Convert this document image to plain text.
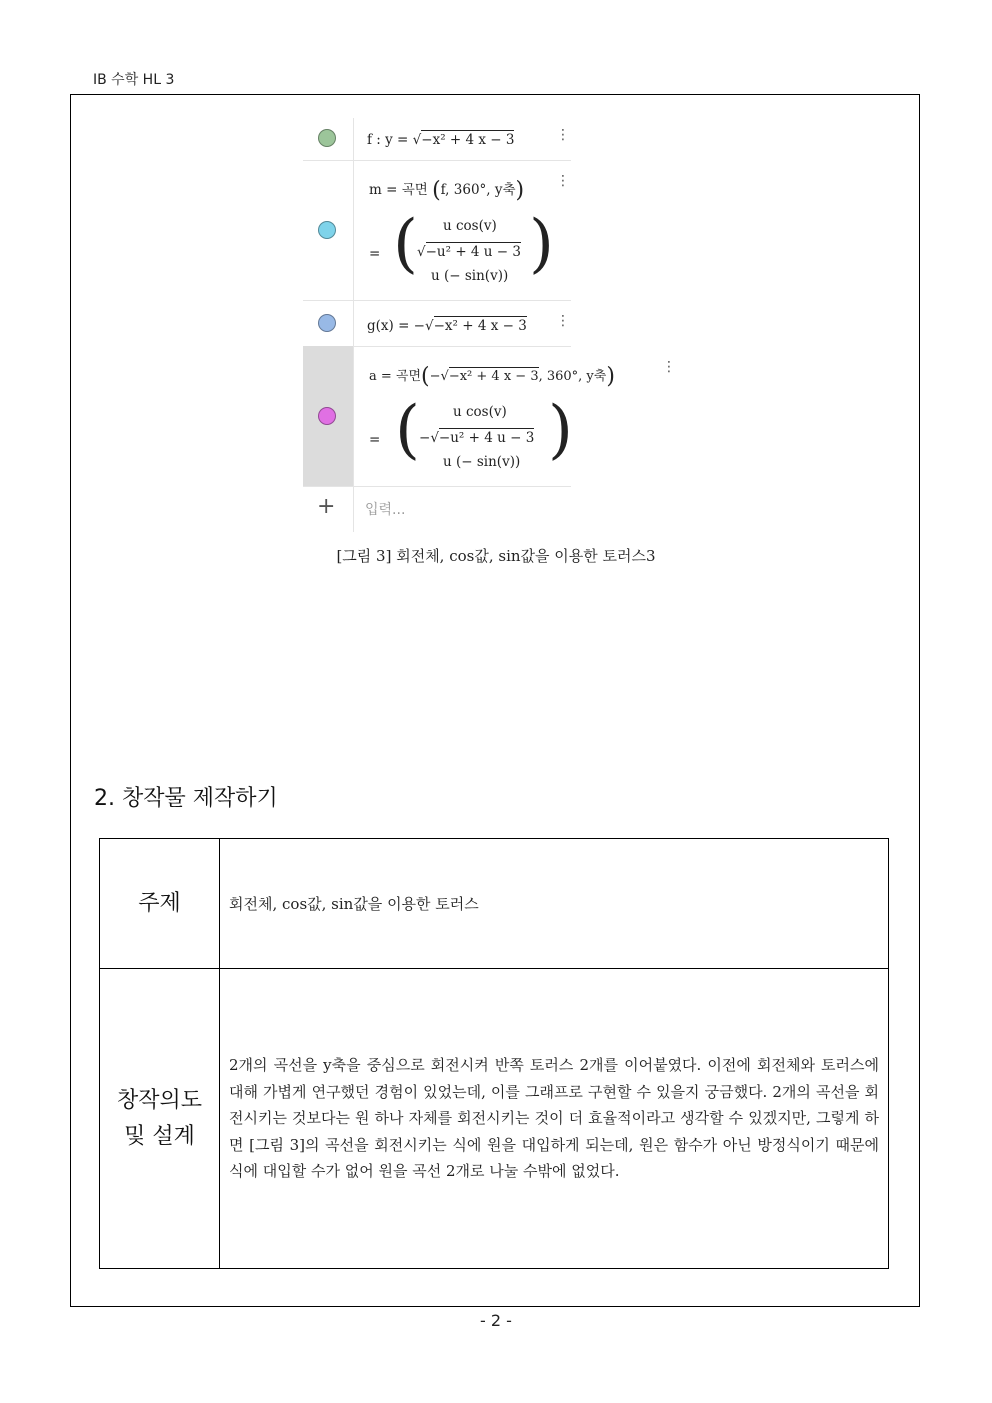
IB 수학 HL 3
f : y = √−x² + 4 x − 3	⋮
m = 곡면 (f, 360°, y축) ⋮
= ( u cos(v)
√−u² + 4 u − 3
u (− sin(v)) )
g(x) = −√−x² + 4 x − 3 ⋮
a = 곡면(−√−x² + 4 x − 3, 360°, y축)	⋮
= ( u cos(v)
−√−u² + 4 u − 3
u (− sin(v)) )
+ 입력...
[그림 3] 회전체, cos값, sin값을 이용한 토러스3
2. 창작물 제작하기
주제	회전체, cos값, sin값을 이용한 토러스

창작의도
및 설계	2개의 곡선을 y축을 중심으로 회전시켜 반쪽 토러스 2개를 이어붙였다. 이전에 회전체와 토러스에 대해 가볍게 연구했던 경험이 있었는데, 이를 그래프로 구현할 수 있을지 궁금했다. 2개의 곡선을 회전시키는 것보다는 원 하나 자체를 회전시키는 것이 더 효율적이라고 생각할 수 있겠지만, 그렇게 하면 [그림 3]의 곡선을 회전시키는 식에 원을 대입하게 되는데, 원은 함수가 아닌 방정식이기 때문에 식에 대입할 수가 없어 원을 곡선 2개로 나눌 수밖에 없었다.
- 2 -
